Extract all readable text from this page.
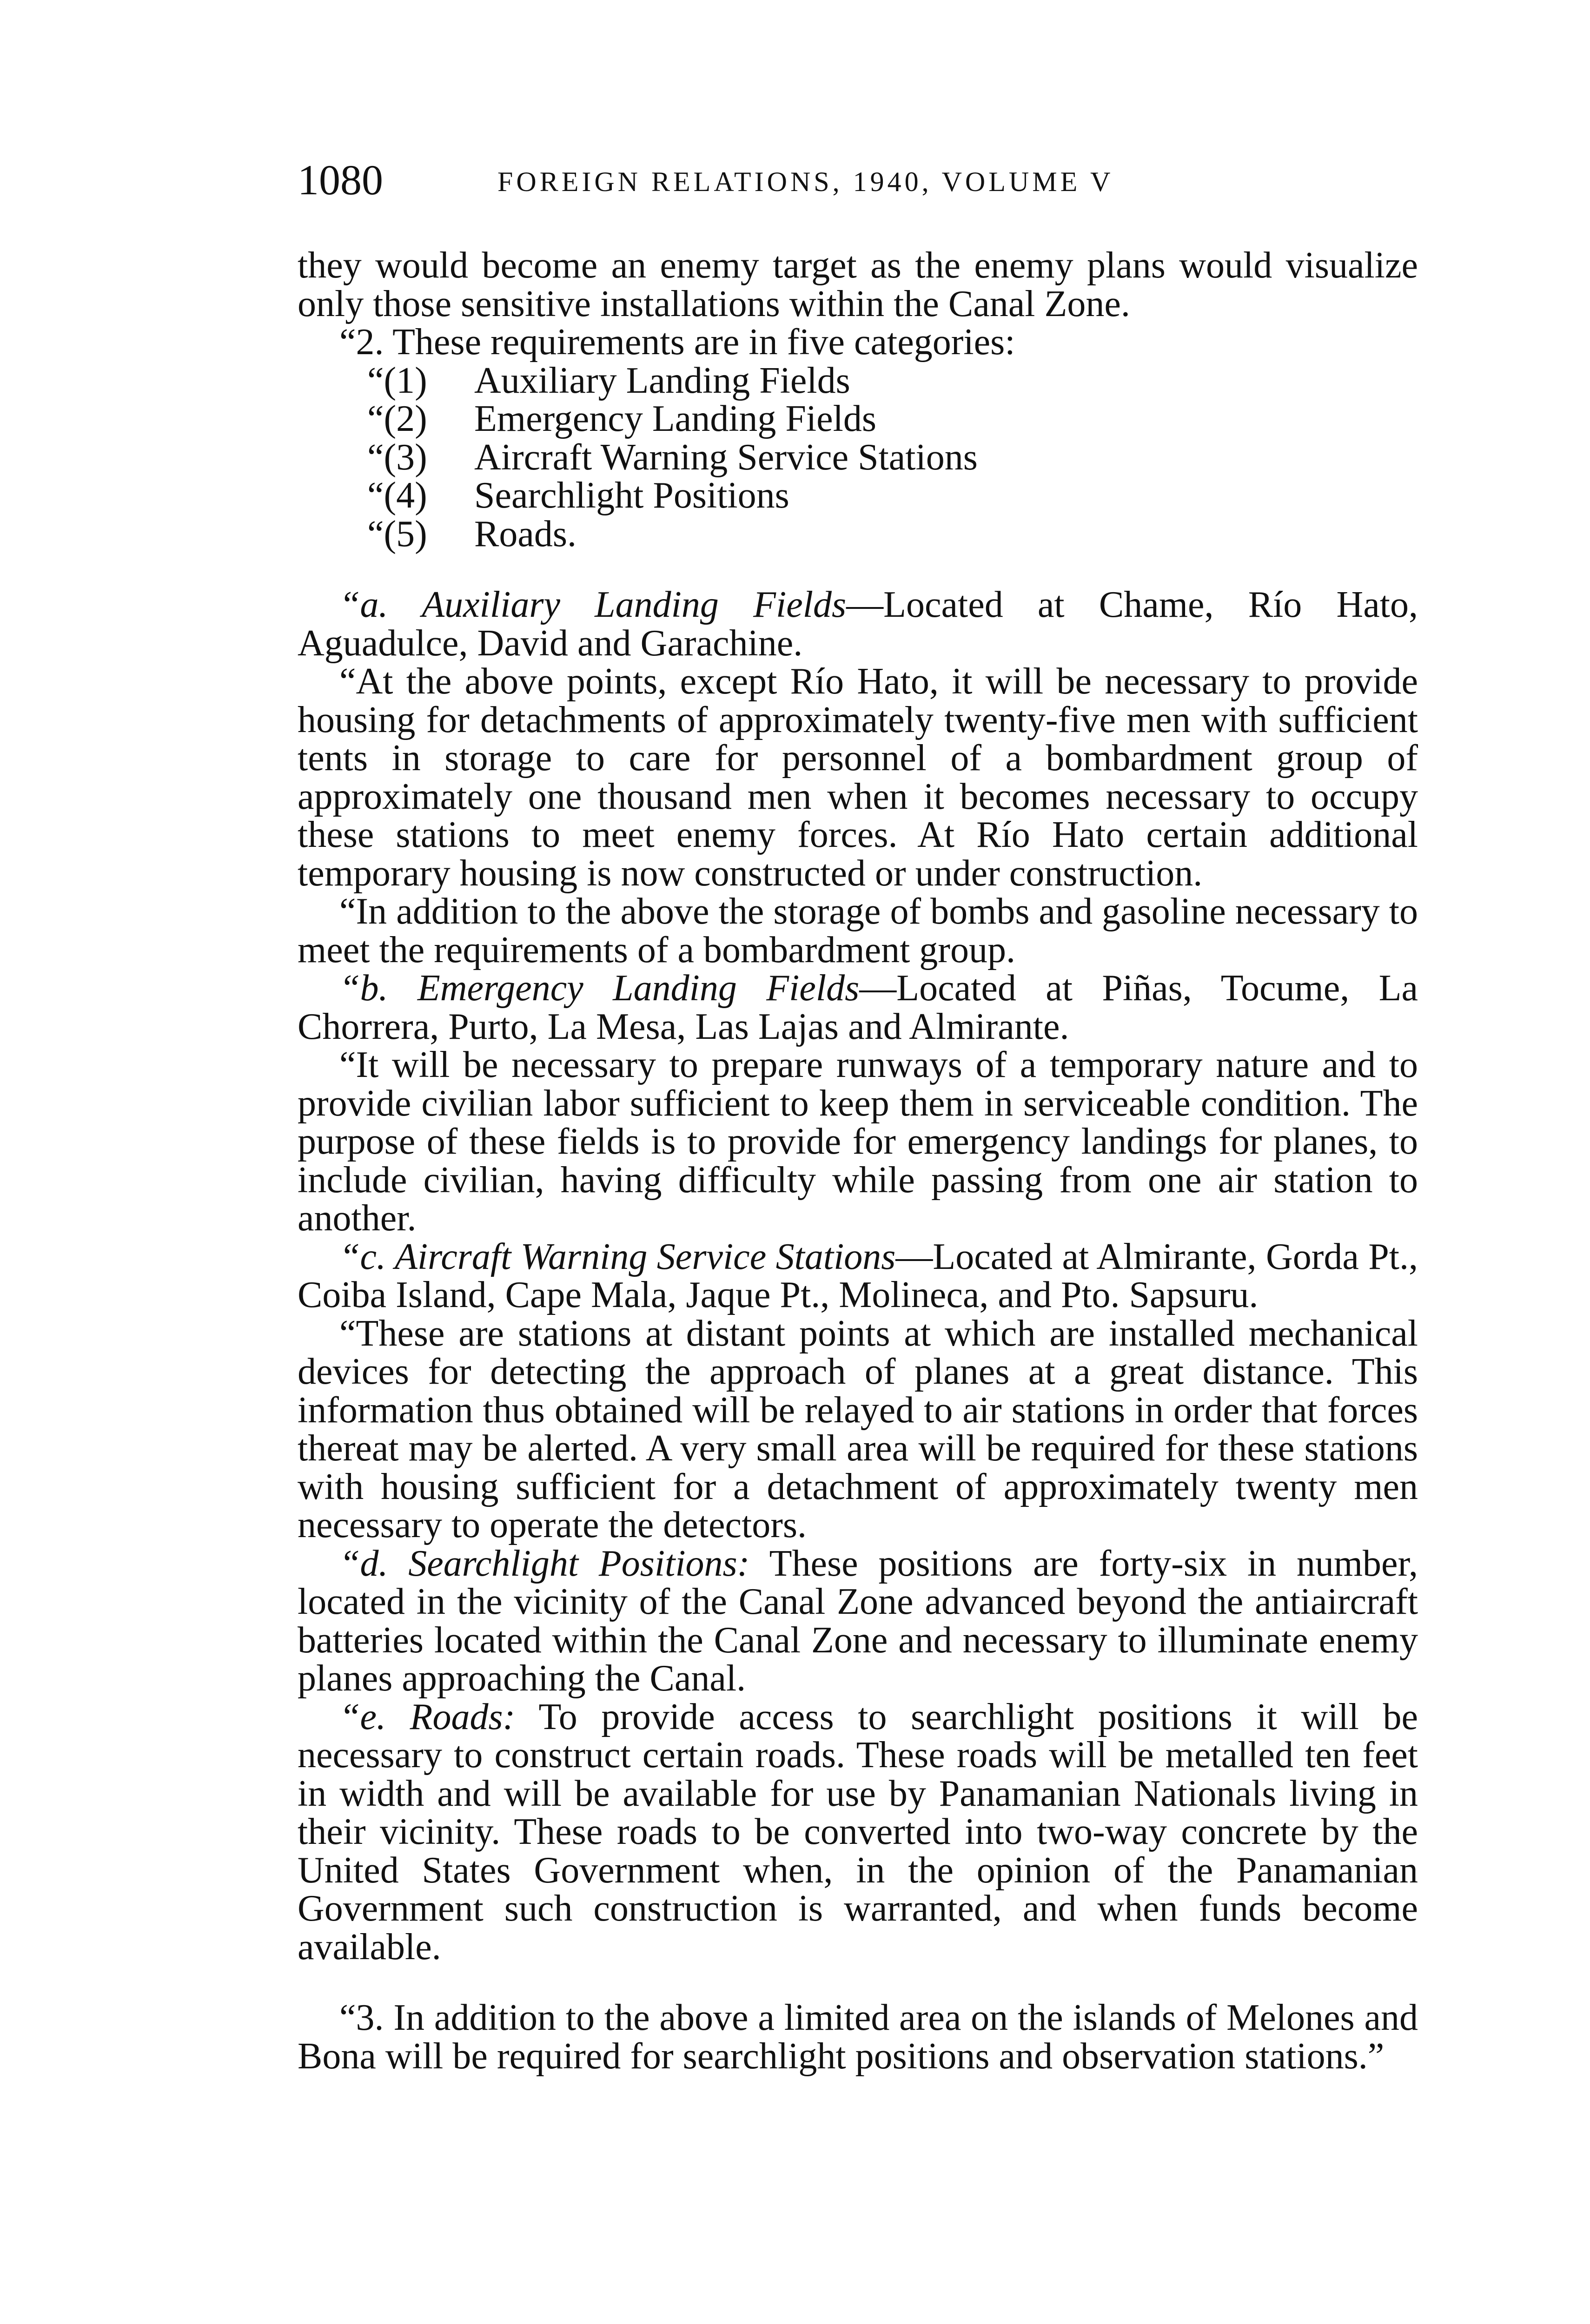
1080	FOREIGN RELATIONS, 1940, VOLUME V

they would become an enemy target as the enemy plans would visualize only those sensitive installations within the Canal Zone.

“2. These requirements are in five categories:

“(1) Auxiliary Landing Fields
“(2) Emergency Landing Fields
“(3) Aircraft Warning Service Stations
“(4) Searchlight Positions
“(5) Roads.

“a. Auxiliary Landing Fields—Located at Chame, Río Hato, Aguadulce, David and Garachine.

“At the above points, except Río Hato, it will be necessary to provide housing for detachments of approximately twenty-five men with sufficient tents in storage to care for personnel of a bombardment group of approximately one thousand men when it becomes necessary to occupy these stations to meet enemy forces. At Río Hato certain additional temporary housing is now constructed or under construction.

“In addition to the above the storage of bombs and gasoline necessary to meet the requirements of a bombardment group.

“b. Emergency Landing Fields—Located at Piñas, Tocume, La Chorrera, Purto, La Mesa, Las Lajas and Almirante.

“It will be necessary to prepare runways of a temporary nature and to provide civilian labor sufficient to keep them in serviceable condition. The purpose of these fields is to provide for emergency landings for planes, to include civilian, having difficulty while passing from one air station to another.

“c. Aircraft Warning Service Stations—Located at Almirante, Gorda Pt., Coiba Island, Cape Mala, Jaque Pt., Molineca, and Pto. Sapsuru.

“These are stations at distant points at which are installed mechanical devices for detecting the approach of planes at a great distance. This information thus obtained will be relayed to air stations in order that forces thereat may be alerted. A very small area will be required for these stations with housing sufficient for a detachment of approximately twenty men necessary to operate the detectors.

“d. Searchlight Positions: These positions are forty-six in number, located in the vicinity of the Canal Zone advanced beyond the antiaircraft batteries located within the Canal Zone and necessary to illuminate enemy planes approaching the Canal.

“e. Roads: To provide access to searchlight positions it will be necessary to construct certain roads. These roads will be metalled ten feet in width and will be available for use by Panamanian Nationals living in their vicinity. These roads to be converted into two-way concrete by the United States Government when, in the opinion of the Panamanian Government such construction is warranted, and when funds become available.

“3. In addition to the above a limited area on the islands of Melones and Bona will be required for searchlight positions and observation stations.”
